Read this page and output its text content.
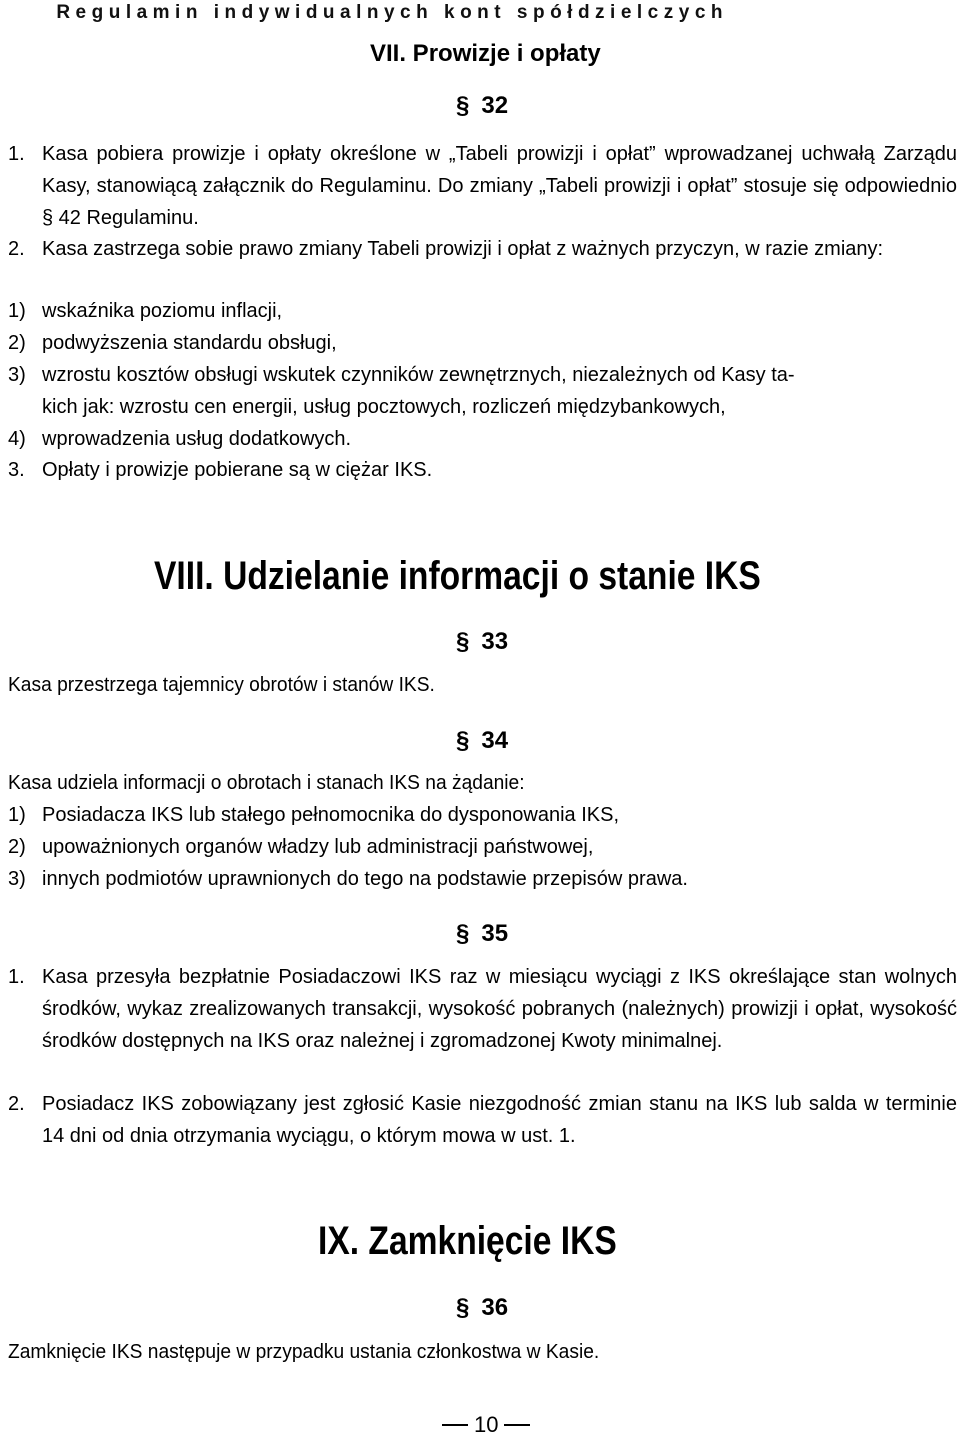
Regulamin indywidualnych kont spółdzielczych
VII. Prowizje i opłaty
§ 32
1. Kasa pobiera prowizje i opłaty określone w „Tabeli prowizji i opłat” wprowadzanej uchwałą Zarządu Kasy, stanowiącą załącznik do Regulaminu. Do zmiany „Tabeli prowizji i opłat” stosuje się odpowiednio § 42 Regulaminu.
2. Kasa zastrzega sobie prawo zmiany Tabeli prowizji i opłat z ważnych przyczyn, w razie zmiany:
1) wskaźnika poziomu inflacji,
2) podwyższenia standardu obsługi,
3) wzrostu kosztów obsługi wskutek czynników zewnętrznych, niezależnych od Kasy ta-
kich jak: wzrostu cen energii, usług pocztowych, rozliczeń międzybankowych,
4) wprowadzenia usług dodatkowych.
3. Opłaty i prowizje pobierane są w ciężar IKS.
VIII. Udzielanie informacji o stanie IKS
§ 33
Kasa przestrzega tajemnicy obrotów i stanów IKS.
§ 34
Kasa udziela informacji o obrotach i stanach IKS na żądanie:
1) Posiadacza IKS lub stałego pełnomocnika do dysponowania IKS,
2) upoważnionych organów władzy lub administracji państwowej,
3) innych podmiotów uprawnionych do tego na podstawie przepisów prawa.
§ 35
1. Kasa przesyła bezpłatnie Posiadaczowi IKS raz w miesiącu wyciągi z IKS określające stan wolnych środków, wykaz zrealizowanych transakcji, wysokość pobranych (należnych) prowizji i opłat, wysokość środków dostępnych na IKS oraz należnej i zgromadzonej Kwoty minimalnej.
2. Posiadacz IKS zobowiązany jest zgłosić Kasie niezgodność zmian stanu na IKS lub salda w terminie 14 dni od dnia otrzymania wyciągu, o którym mowa w ust. 1.
IX. Zamknięcie IKS
§ 36
Zamknięcie IKS następuje w przypadku ustania członkostwa w Kasie.
10
